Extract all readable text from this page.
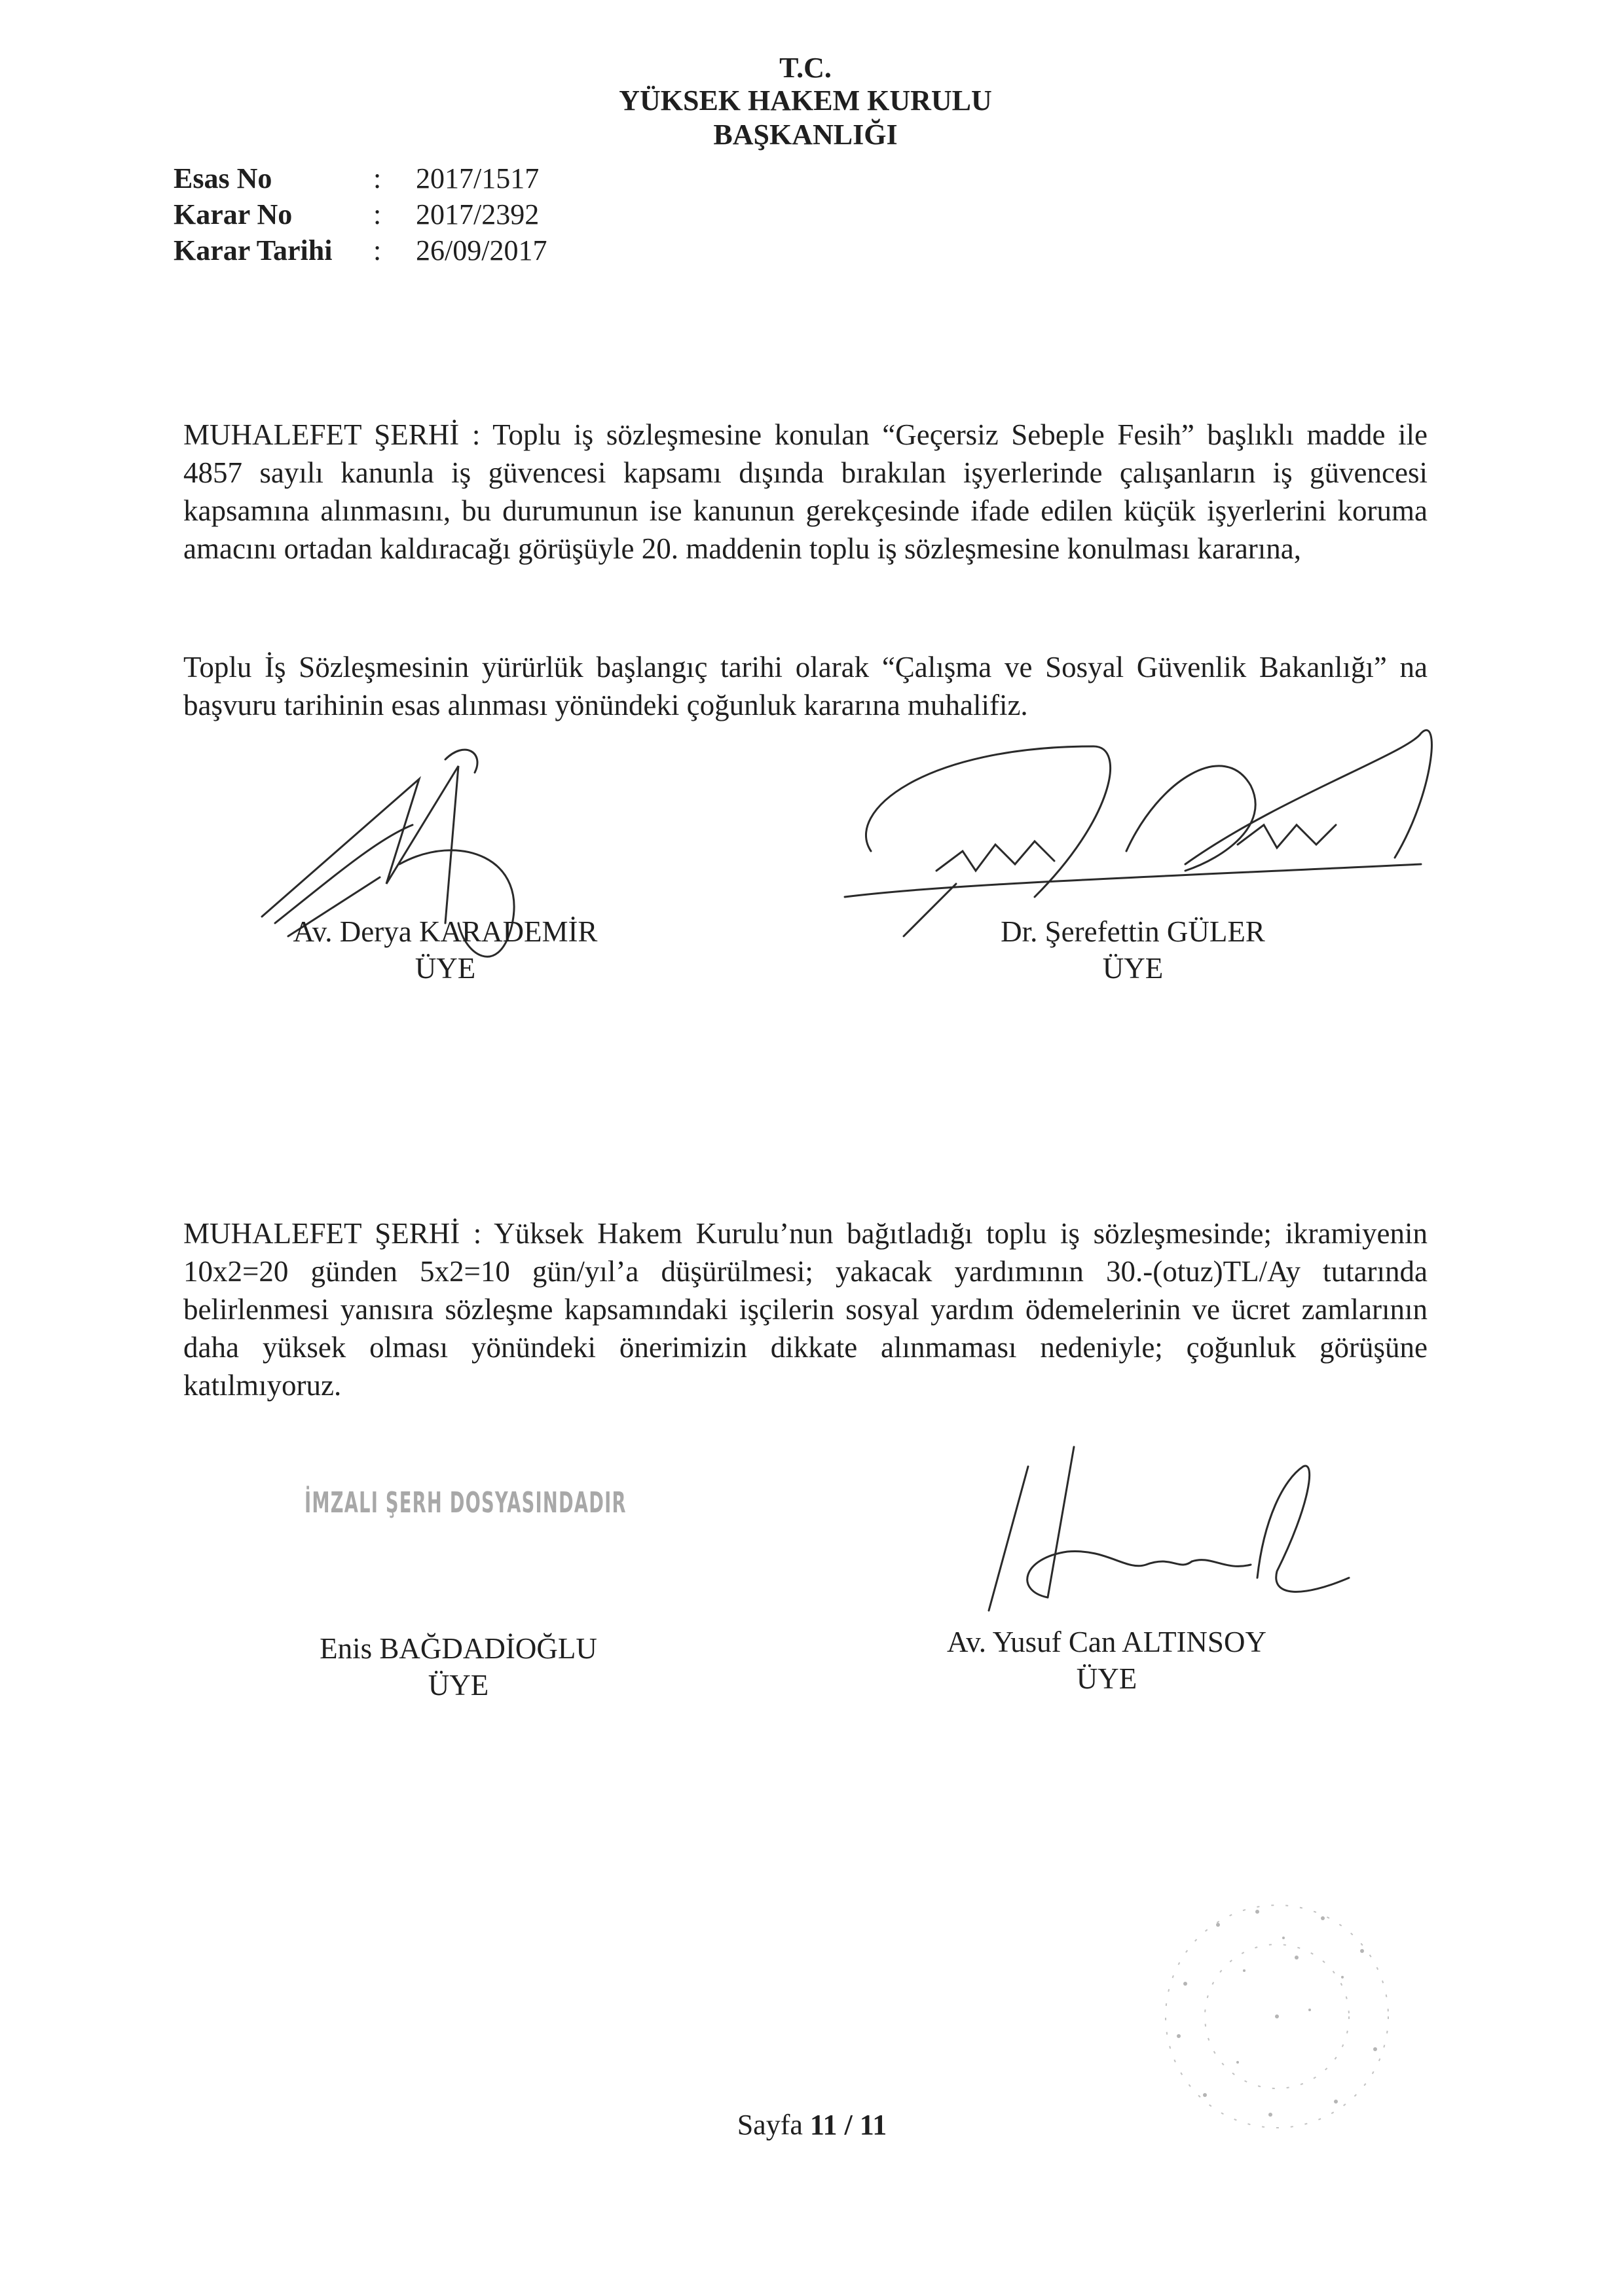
T.C.
YÜKSEK HAKEM KURULU
BAŞKANLIĞI
Esas No	: 2017/1517
Karar No	: 2017/2392
Karar Tarihi : 26/09/2017
MUHALEFET ŞERHİ : Toplu iş sözleşmesine konulan “Geçersiz Sebeple Fesih” başlıklı madde ile 4857 sayılı kanunla iş güvencesi kapsamı dışında bırakılan işyerlerinde çalışanların iş güvencesi kapsamına alınmasını, bu durumunun ise kanunun gerekçesinde ifade edilen küçük işyerlerini koruma amacını ortadan kaldıracağı görüşüyle 20. maddenin toplu iş sözleşmesine konulması kararına,
Toplu İş Sözleşmesinin yürürlük başlangıç tarihi olarak “Çalışma ve Sosyal Güvenlik Bakanlığı” na başvuru tarihinin esas alınması yönündeki çoğunluk kararına muhalifiz.
Av. Derya KARADEMİR
ÜYE
Dr. Şerefettin GÜLER
ÜYE
MUHALEFET ŞERHİ : Yüksek Hakem Kurulu’nun bağıtladığı toplu iş sözleşmesinde; ikramiyenin 10x2=20 günden 5x2=10 gün/yıl’a düşürülmesi; yakacak yardımının 30.-(otuz)TL/Ay tutarında belirlenmesi yanısıra sözleşme kapsamındaki işçilerin sosyal yardım ödemelerinin ve ücret zamlarının daha yüksek olması yönündeki önerimizin dikkate alınmaması nedeniyle; çoğunluk görüşüne katılmıyoruz.
İMZALI ŞERH DOSYASINDADIR
Enis BAĞDADİOĞLU
ÜYE
Av. Yusuf Can ALTINSOY
ÜYE
Sayfa 11 / 11
